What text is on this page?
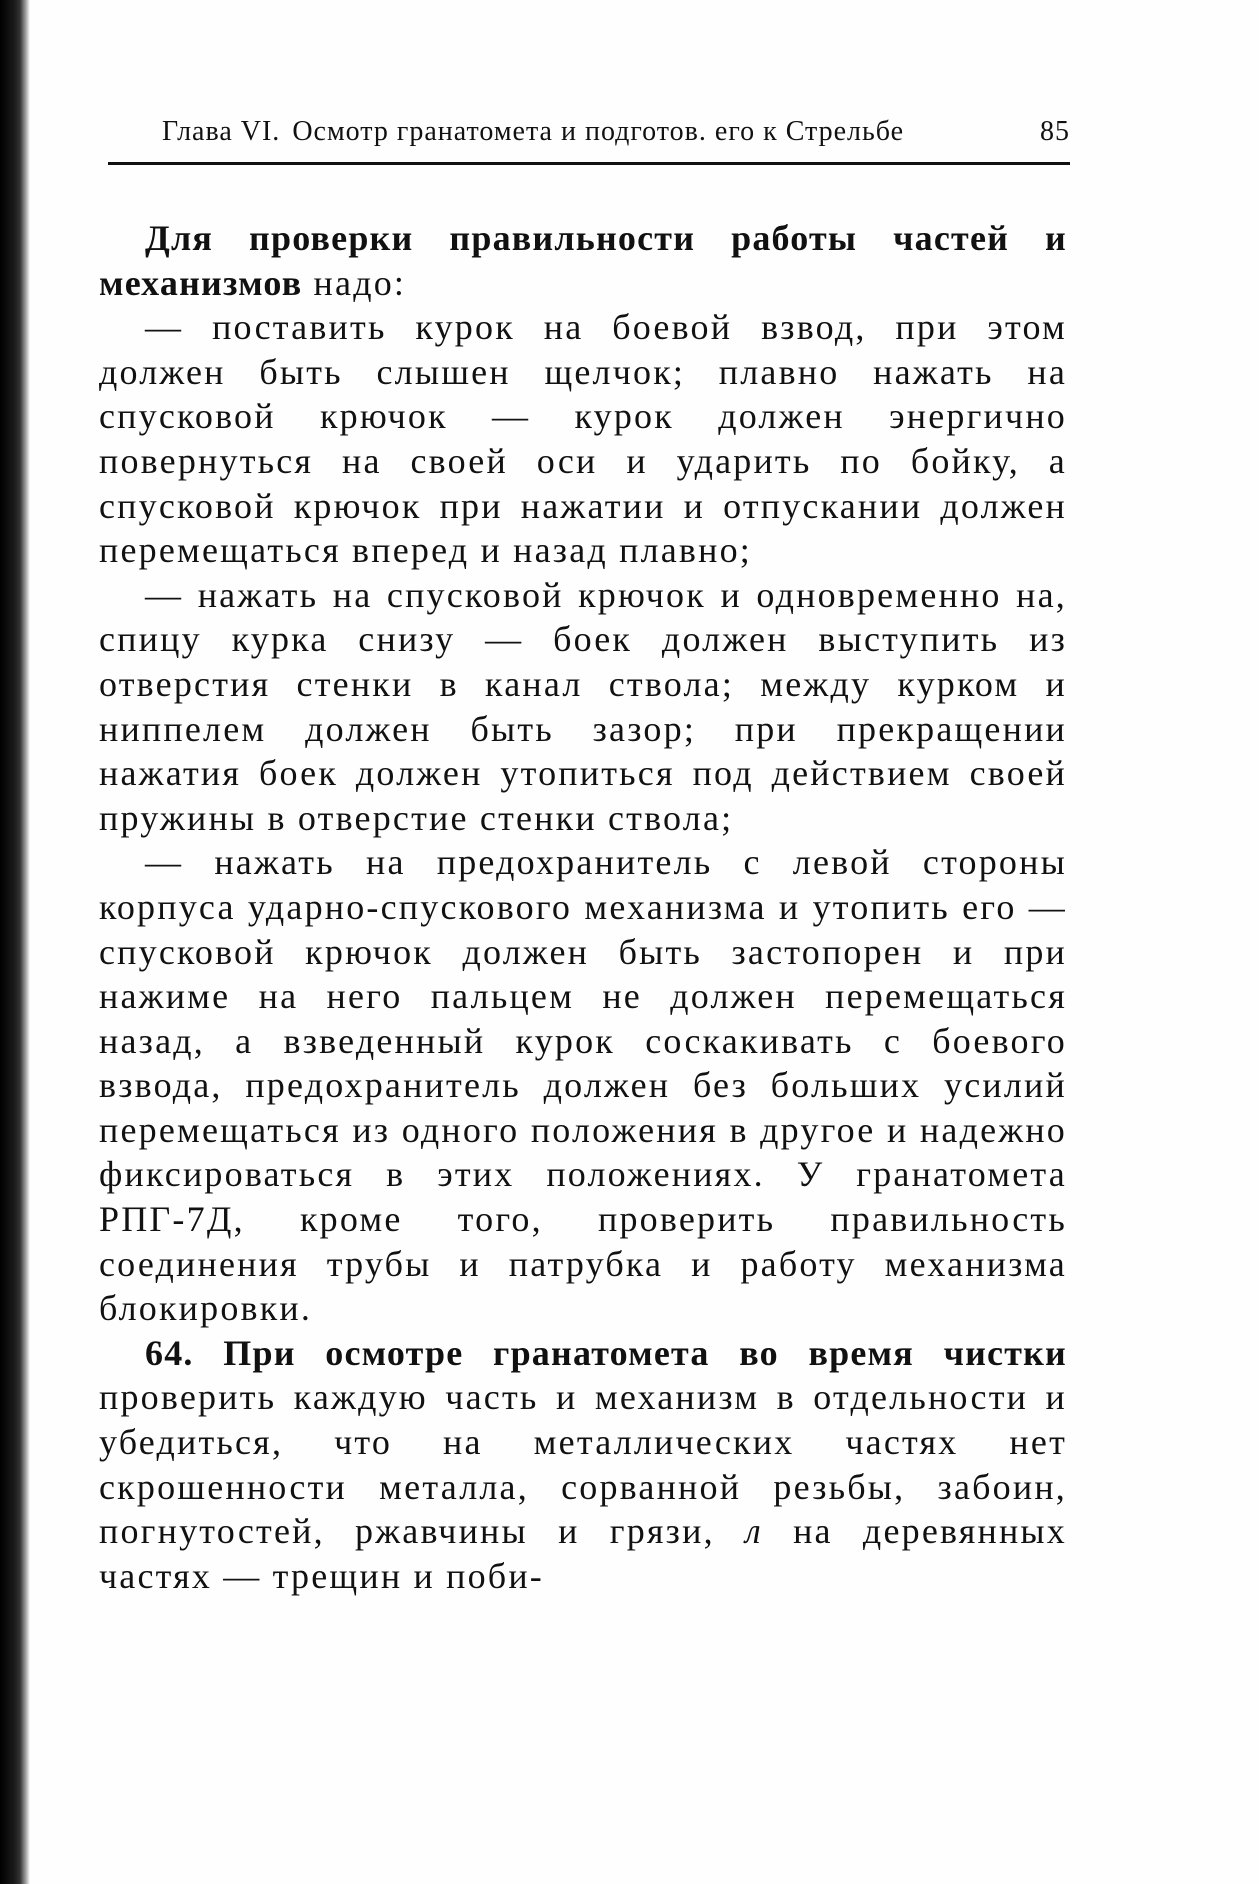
Глава VI. Осмотр гранатомета и подготов. его к Стрельбе	85

Для проверки правильности работы частей и механизмов надо:

— поставить курок на боевой взвод, при этом должен быть слышен щелчок; плавно нажать на спусковой крючок — курок должен энергично повернуться на своей оси и ударить по бойку, а спусковой крючок при нажатии и отпускании должен перемещаться вперед и назад плавно;

— нажать на спусковой крючок и одновременно на, спицу курка снизу — боек должен выступить из отверстия стенки в канал ствола; между курком и ниппелем должен быть зазор; при прекращении нажатия боек должен утопиться под действием своей пружины в отверстие стенки ствола;

— нажать на предохранитель с левой стороны корпуса ударно-спускового механизма и утопить его — спусковой крючок должен быть застопорен и при нажиме на него пальцем не должен перемещаться назад, а взведенный курок соскакивать с боевого взвода, предохранитель должен без больших усилий перемещаться из одного положения в другое и надежно фиксироваться в этих положениях. У гранатомета РПГ-7Д, кроме того, проверить правильность соединения трубы и патрубка и работу механизма блокировки.

64. При осмотре гранатомета во время чистки проверить каждую часть и механизм в отдельности и убедиться, что на металлических частях нет скрошенности металла, сорванной резьбы, забоин, погнутостей, ржавчины и грязи, л на деревянных частях — трещин и поби-
